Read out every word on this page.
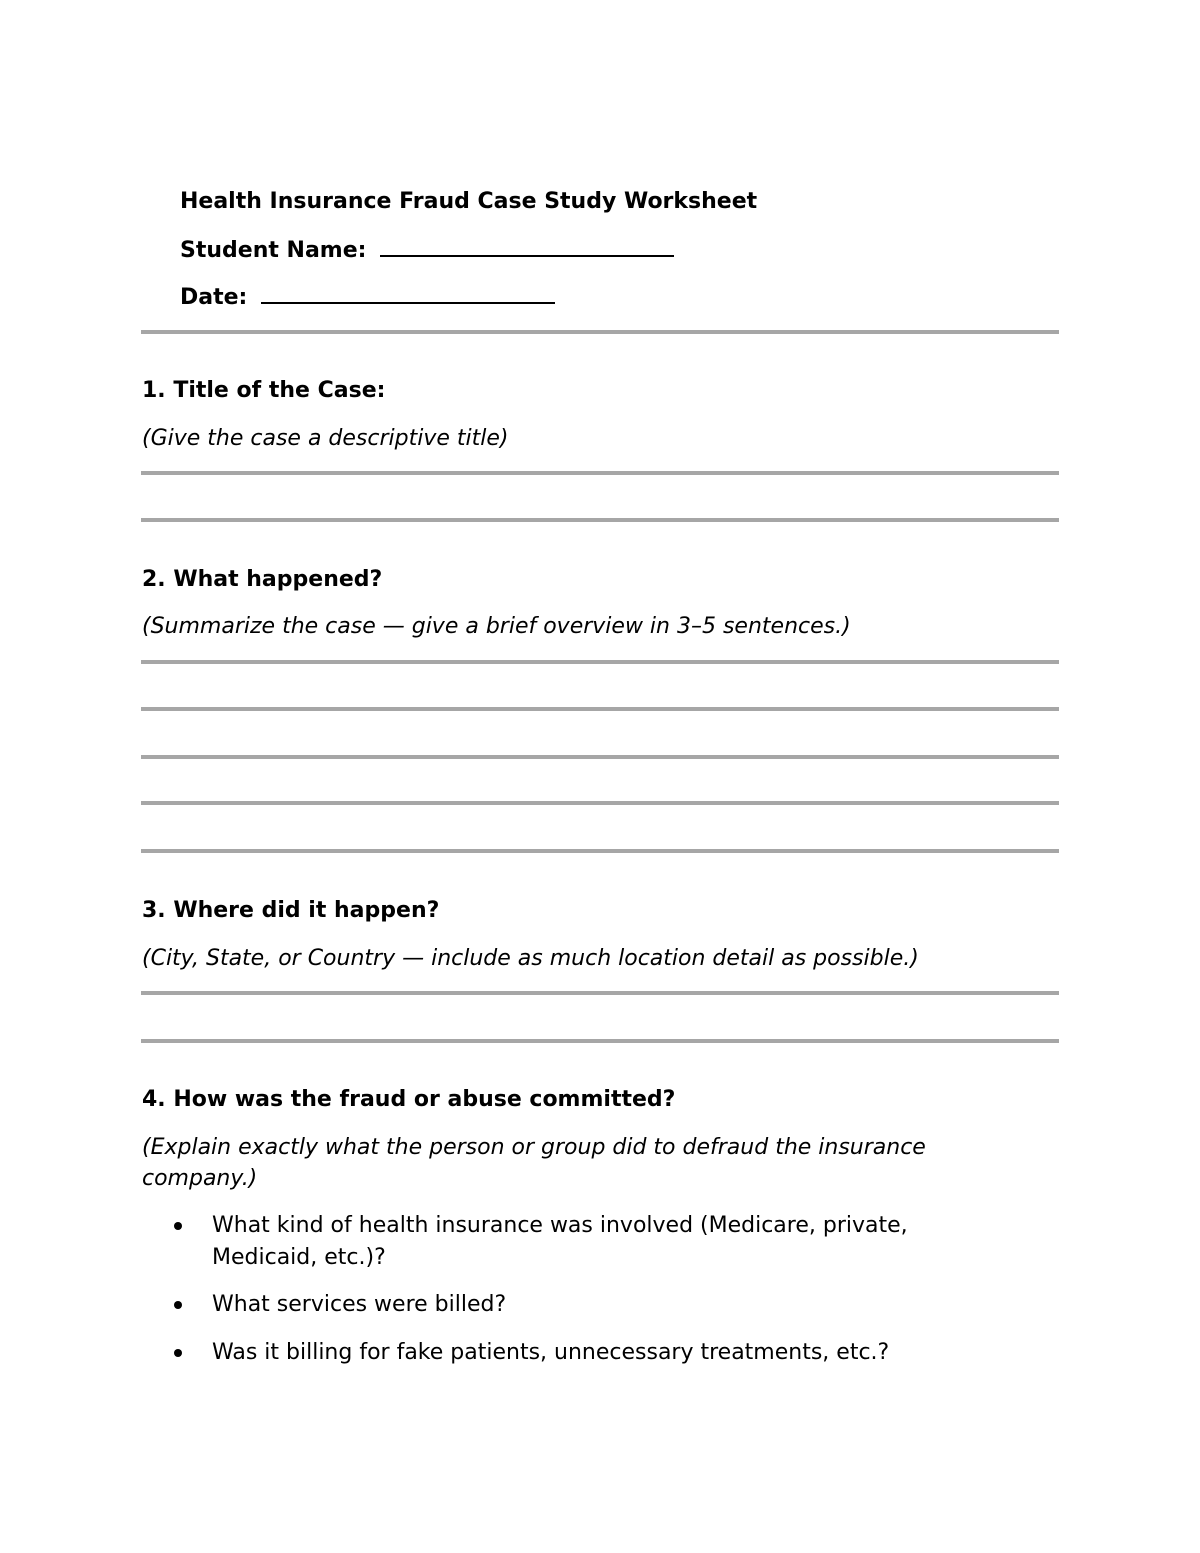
Health Insurance Fraud Case Study Worksheet
Student Name:
Date:
1. Title of the Case:
(Give the case a descriptive title)
2. What happened?
(Summarize the case — give a brief overview in 3–5 sentences.)
3. Where did it happen?
(City, State, or Country — include as much location detail as possible.)
4. How was the fraud or abuse committed?
(Explain exactly what the person or group did to defraud the insurance
company.)
What kind of health insurance was involved (Medicare, private,
Medicaid, etc.)?
What services were billed?
Was it billing for fake patients, unnecessary treatments, etc.?
